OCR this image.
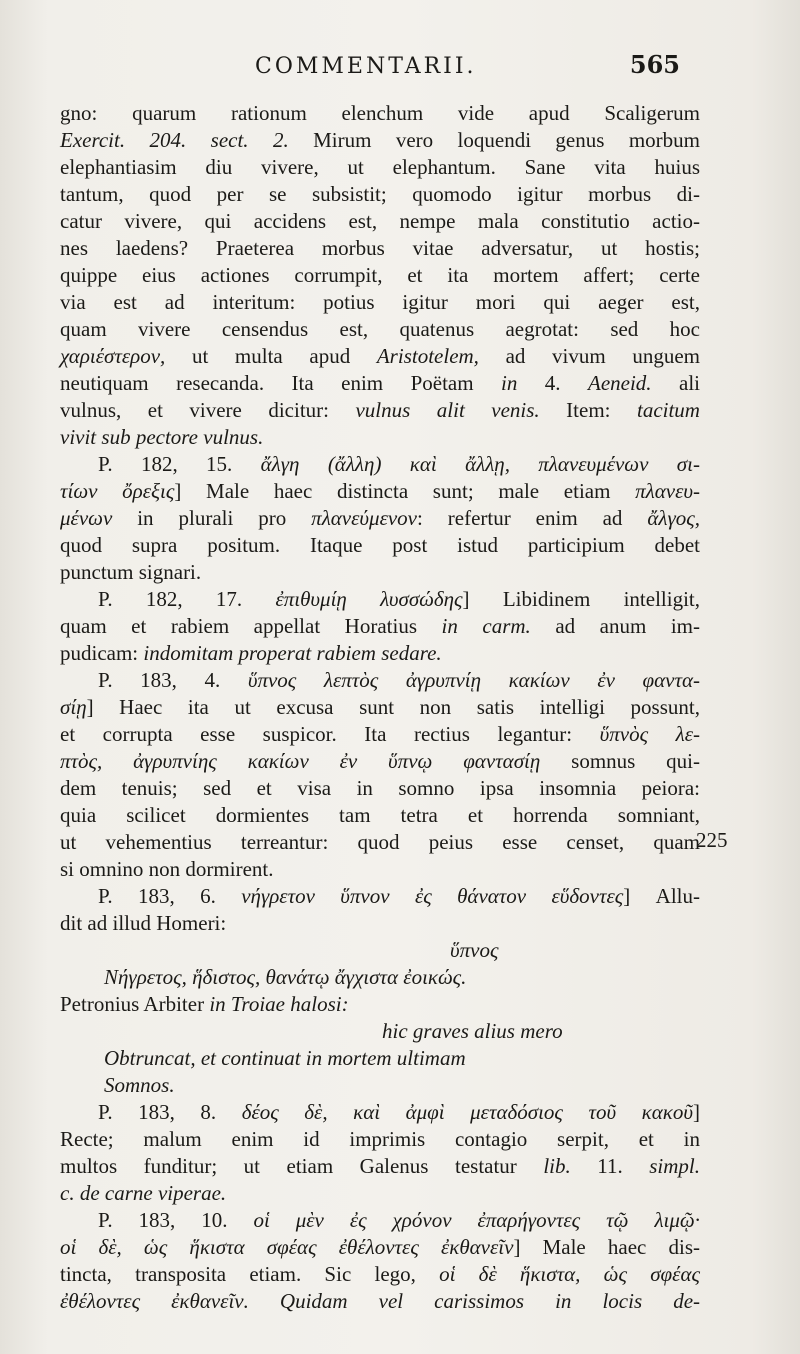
COMMENTARII.	565
gno: quarum rationum elenchum vide apud Scaligerum
Exercit. 204. sect. 2. Mirum vero loquendi genus morbum
elephantiasim diu vivere, ut elephantum. Sane vita huius
tantum, quod per se subsistit; quomodo igitur morbus di-
catur vivere, qui accidens est, nempe mala constitutio actio-
nes laedens? Praeterea morbus vitae adversatur, ut hostis;
quippe eius actiones corrumpit, et ita mortem affert; certe
via est ad interitum: potius igitur mori qui aeger est,
quam vivere censendus est, quatenus aegrotat: sed hoc
χαριέστερον, ut multa apud Aristotelem, ad vivum unguem
neutiquam resecanda. Ita enim Poëtam in 4. Aeneid. ali
vulnus, et vivere dicitur: vulnus alit venis. Item: tacitum
vivit sub pectore vulnus.
P. 182, 15. ἄλγη (ἄλλη) καὶ ἄλλῃ, πλανευμένων σι-
τίων ὄρεξις] Male haec distincta sunt; male etiam πλανευ-
μένων in plurali pro πλανεύμενον: refertur enim ad ἄλγος,
quod supra positum. Itaque post istud participium debet
punctum signari.
P. 182, 17. ἐπιθυμίῃ λυσσώδης] Libidinem intelligit,
quam et rabiem appellat Horatius in carm. ad anum im-
pudicam: indomitam properat rabiem sedare.
P. 183, 4. ὕπνος λεπτὸς ἀγρυπνίῃ κακίων ἐν φαντα-
σίῃ] Haec ita ut excusa sunt non satis intelligi possunt,
et corrupta esse suspicor. Ita rectius legantur: ὕπνὸς λε-
πτὸς, ἀγρυπνίης κακίων ἐν ὕπνῳ φαντασίῃ somnus qui-
dem tenuis; sed et visa in somno ipsa insomnia peiora:
quia scilicet dormientes tam tetra et horrenda somniant,
ut vehementius terreantur: quod peius esse censet, quam
si omnino non dormirent.
P. 183, 6. νήγρετον ὕπνον ἐς θάνατον εὕδοντες] Allu-
dit ad illud Homeri:
ὕπνος
Νήγρετος, ἥδιστος, θανάτῳ ἄγχιστα ἐοικώς.
Petronius Arbiter in Troiae halosi:
hic graves alius mero
Obtruncat, et continuat in mortem ultimam
Somnos.
P. 183, 8. δέος δὲ, καὶ ἀμφὶ μεταδόσιος τοῦ κακοῦ]
Recte; malum enim id imprimis contagio serpit, et in
multos funditur; ut etiam Galenus testatur lib. 11. simpl.
c. de carne viperae.
P. 183, 10. οἱ μὲν ἐς χρόνον ἐπαρήγοντες τῷ λιμῷ·
οἱ δὲ, ὡς ἥκιστα σφέας ἐθέλοντες ἐκθανεῖν] Male haec dis-
tincta, transposita etiam. Sic lego, οἱ δὲ ἥκιστα, ὡς σφέας
ἐθέλοντες ἐκθανεῖν. Quidam vel carissimos in locis de-
225
